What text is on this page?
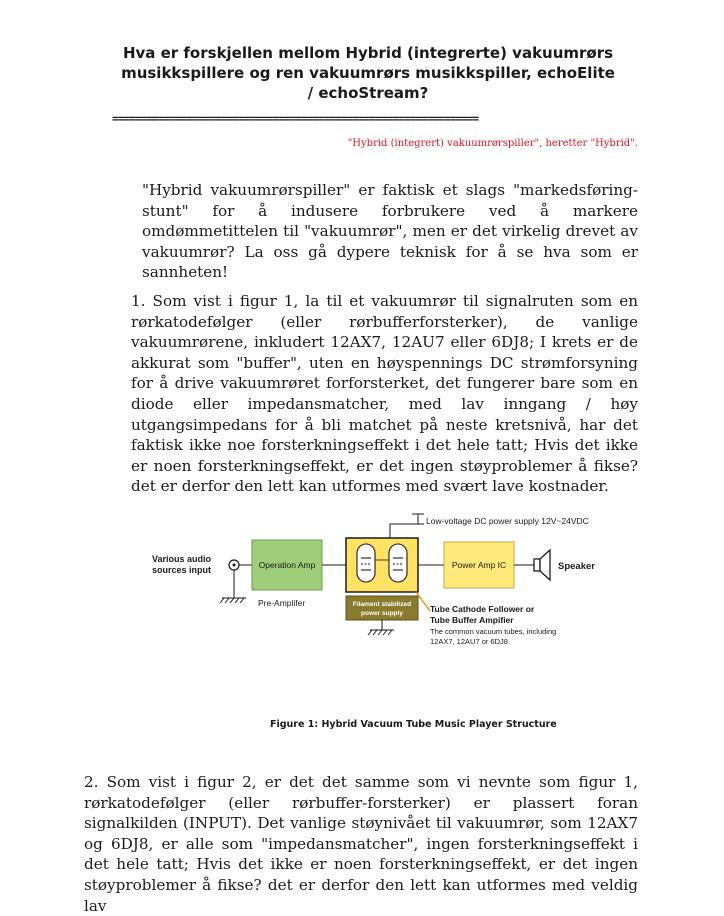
Hva er forskjellen mellom Hybrid (integrerte) vakuumrørs musikkspillere og ren vakuumrørs musikkspiller, echoElite / echoStream?
================================================================
"Hybrid (integrert) vakuumrørspiller", heretter "Hybrid".
"Hybrid vakuumrørspiller" er faktisk et slags "markedsføring-stunt" for å indusere forbrukere ved å markere omdømmetittelen til "vakuumrør", men er det virkelig drevet av vakuumrør? La oss gå dypere teknisk for å se hva som er sannheten!
1. Som vist i figur 1, la til et vakuumrør til signalruten som en rørkatodefølger (eller rørbufferforsterker), de vanlige vakuumrørene, inkludert 12AX7, 12AU7 eller 6DJ8; I krets er de akkurat som "buffer", uten en høyspennings DC strømforsyning for å drive vakuumrøret forforsterket, det fungerer bare som en diode eller impedansmatcher, med lav inngang / høy utgangsimpedans for å bli matchet på neste kretsnivå, har det faktisk ikke noe forsterkningseffekt i det hele tatt; Hvis det ikke er noen forsterkningseffekt, er det ingen støyproblemer å fikse? det er derfor den lett kan utformes med svært lave kostnader.
Various audio
sources input	Operation Amp
Pre-Amplifer
Low-voltage DC power supply 12V~24VDC
Filament stabilized
power supply	Tube Cathode Follower or
Tube Buffer Ampifier
The common vacuum tubes, including
12AX7, 12AU7 or 6DJ8.
Power Amp IC	Speaker
Figure 1: Hybrid Vacuum Tube Music Player Structure
2. Som vist i figur 2, er det det samme som vi nevnte som figur 1, rørkatodefølger (eller rørbuffer-forsterker) er plassert foran signalkilden (INPUT). Det vanlige støynivået til vakuumrør, som 12AX7 og 6DJ8, er alle som "impedansmatcher", ingen forsterkningseffekt i det hele tatt; Hvis det ikke er noen forsterkningseffekt, er det ingen støyproblemer å fikse? det er derfor den lett kan utformes med veldig lav
